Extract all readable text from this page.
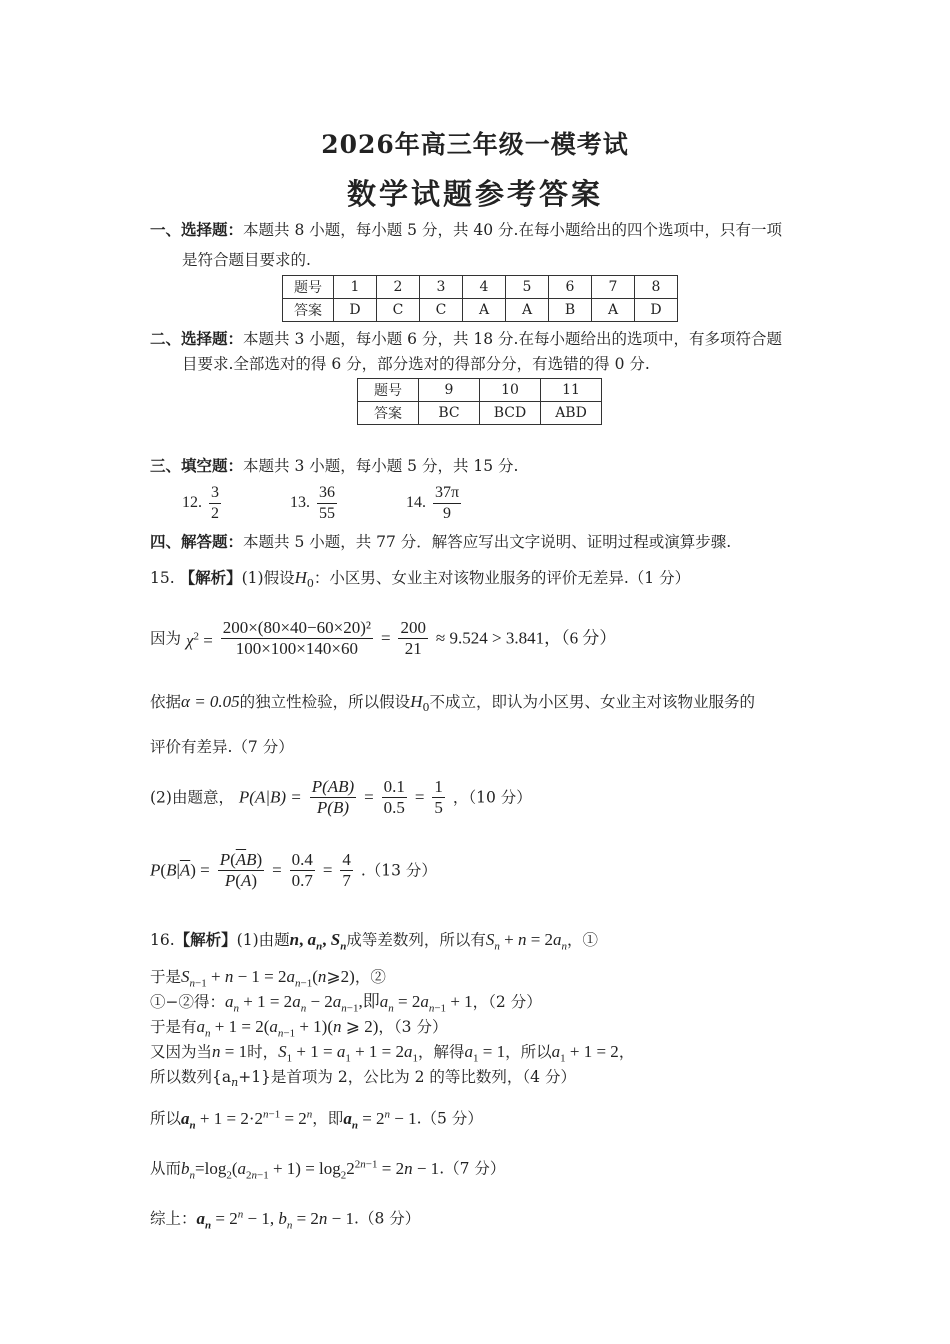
2026年高三年级一模考试
数学试题参考答案
一、选择题：本题共 8 小题，每小题 5 分，共 40 分.在每小题给出的四个选项中，只有一项
是符合题目要求的.
题号	1	2	3	4	5	6	7	8
答案	D	C	C	A	A	B	A	D
二、选择题：本题共 3 小题，每小题 6 分，共 18 分.在每小题给出的选项中，有多项符合题
目要求.全部选对的得 6 分，部分选对的得部分分，有选错的得 0 分.
题号	9	10	11
答案	BC	BCD	ABD
三、填空题：本题共 3 小题，每小题 5 分，共 15 分.
12. $\frac{3}{2}$	13. $\frac{36}{55}$	14. $\frac{37\pi}{9}$
四、解答题：本题共 5 小题，共 77 分．解答应写出文字说明、证明过程或演算步骤.
15. 【解析】(1)假设$H_0$：小区男、女业主对该物业服务的评价无差异.（1 分）
因为 $\chi^2 = \frac{\text{200×(80×40−60×20)²}}{100\times 100\times 140\times 60} = \frac{200}{21} \approx 9.524 > 3.841$，（6 分）
依据α = 0.05的独立性检验，所以假设$H_0$不成立，即认为小区男、女业主对该物业服务的
评价有差异.（7 分）
(2)由题意， $P(A|B) = \frac{P(AB)}{P(B)} = \frac{0.1}{0.5} = \frac{1}{5}$ ，（10 分）
$P(B|\overline{A}) = \frac{P(\overline{A}B)}{P(\overline{A})} = \frac{0.4}{0.7} = \frac{4}{7} .(13$ 分）
16.【解析】(1)由题n, $a_n$, $S_n$成等差数列，所以有$S_n + n = 2a_n$，①
于是$S_{n-1} + n - 1$ = $2a_{n-1}(n⩾2)$，②
①−②得：$a_n + 1 = 2a_n - 2a_{n-1}$,即$a_n = 2a_{n-1} + 1$，（2 分）
于是有$a_n + 1 = 2(a_{n-1} + 1)(n$ ⩾ 2)，（3 分）
又因为当n = 1时，$S_1 + 1 = a_1 + 1 = 2a_1$，解得$a_1 = 1$，所以$a_1 + 1 = 2$，
所以数列$\{a_n+1\}$是首项为 2，公比为 2 的等比数列，（4 分）
所以$a_n + 1 = 2\cdot 2^{n-1} = 2^n$，即$a_n = 2^n - 1.(5$ 分）
从而$b_n=\log_2(a_{2n-1} + 1) = \log_22^{2n-1} = 2n - 1.(7$ 分）
综上：$a_n = 2^n - 1$, $b_n = 2n - 1.(8$ 分）
